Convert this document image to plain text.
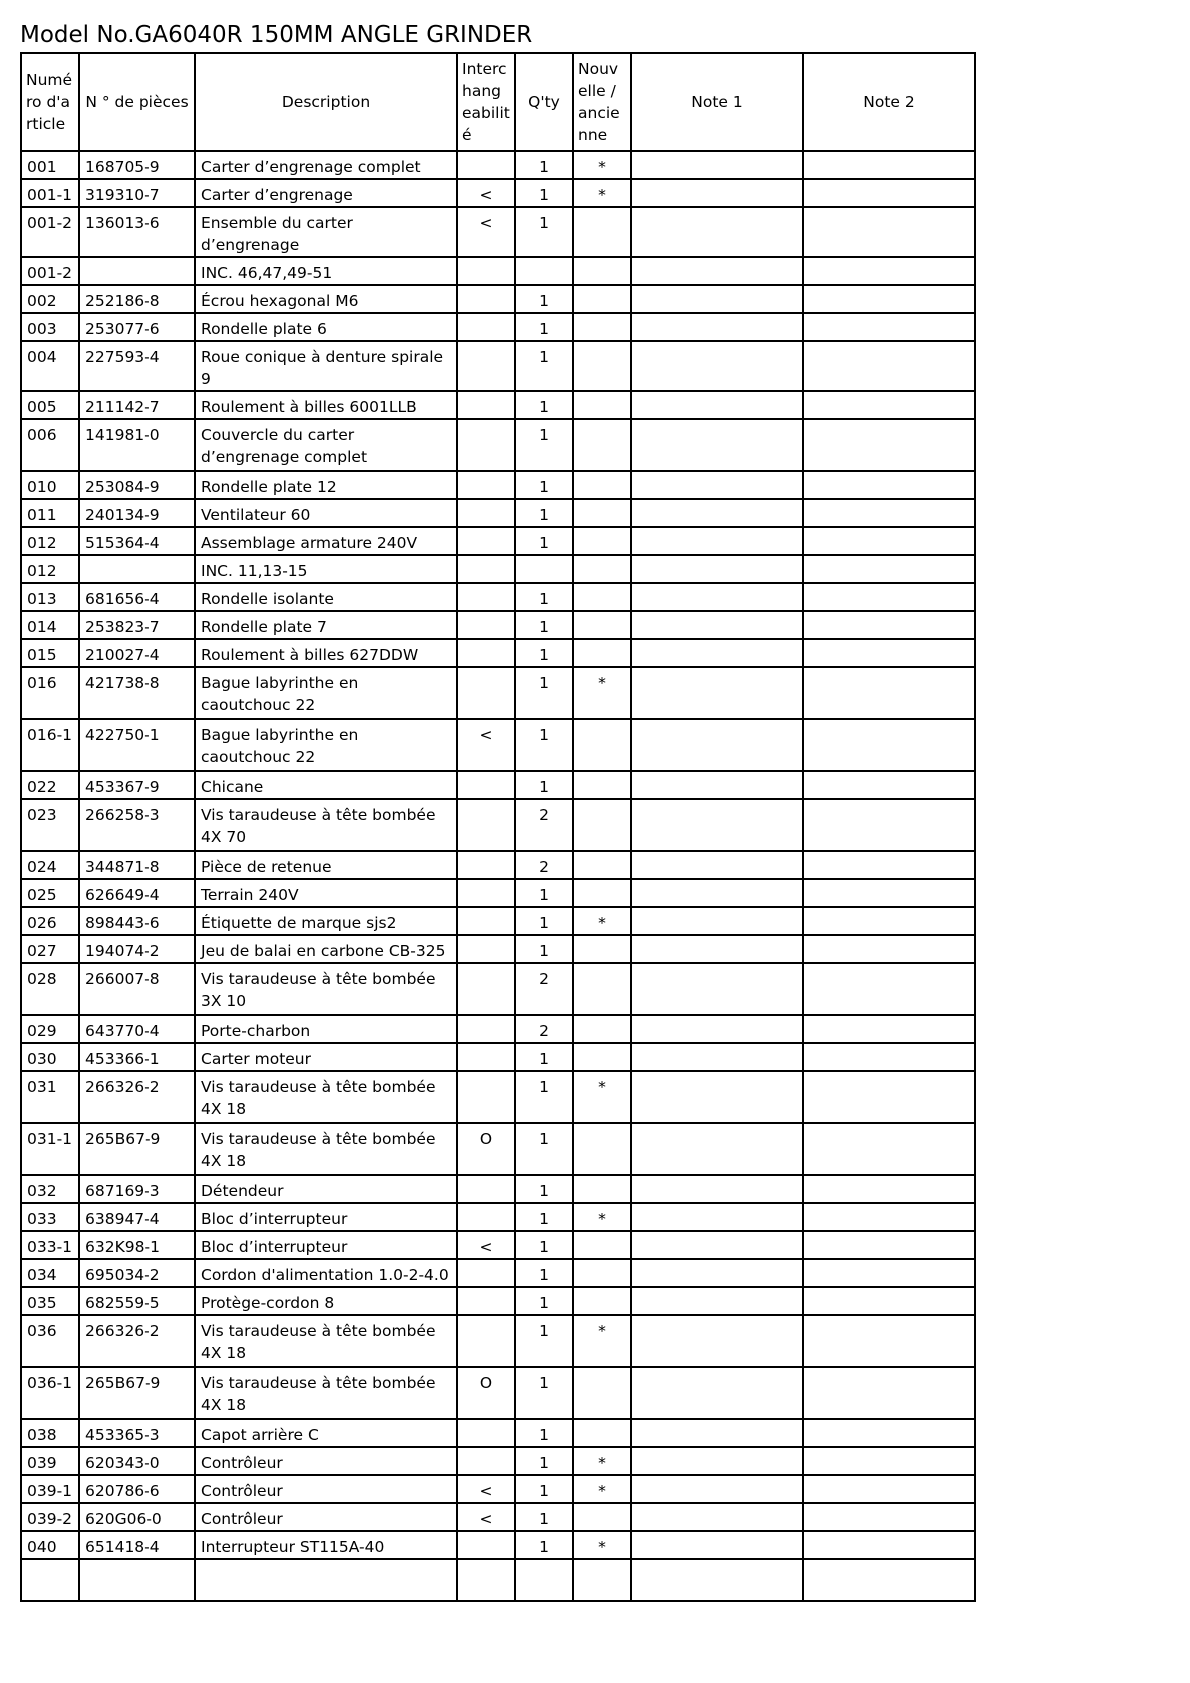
Model No.GA6040R 150MM ANGLE GRINDER
Numé ro d'a rticle	N ° de pièces	Description	Interc hang eabilit é	Q'ty	Nouv elle / ancie nne	Note 1	Note 2
001	168705-9	Carter d’engrenage complet		1	*		
001-1	319310-7	Carter d’engrenage	<	1	*		
001-2	136013-6	Ensemble du carter d’engrenage	<	1			
001-2		INC. 46,47,49-51					
002	252186-8	Écrou hexagonal M6		1			
003	253077-6	Rondelle plate 6		1			
004	227593-4	Roue conique à denture spirale 9		1			
005	211142-7	Roulement à billes 6001LLB		1			
006	141981-0	Couvercle du carter d’engrenage complet		1			
010	253084-9	Rondelle plate 12		1			
011	240134-9	Ventilateur 60		1			
012	515364-4	Assemblage armature 240V		1			
012		INC. 11,13-15					
013	681656-4	Rondelle isolante		1			
014	253823-7	Rondelle plate 7		1			
015	210027-4	Roulement à billes 627DDW		1			
016	421738-8	Bague labyrinthe en caoutchouc 22		1	*		
016-1	422750-1	Bague labyrinthe en caoutchouc 22	<	1			
022	453367-9	Chicane		1			
023	266258-3	Vis taraudeuse à tête bombée 4X 70		2			
024	344871-8	Pièce de retenue		2			
025	626649-4	Terrain 240V		1			
026	898443-6	Étiquette de marque sjs2		1	*		
027	194074-2	Jeu de balai en carbone CB-325		1			
028	266007-8	Vis taraudeuse à tête bombée 3X 10		2			
029	643770-4	Porte-charbon		2			
030	453366-1	Carter moteur		1			
031	266326-2	Vis taraudeuse à tête bombée 4X 18		1	*		
031-1	265B67-9	Vis taraudeuse à tête bombée 4X 18	O	1			
032	687169-3	Détendeur		1			
033	638947-4	Bloc d’interrupteur		1	*		
033-1	632K98-1	Bloc d’interrupteur	<	1			
034	695034-2	Cordon d'alimentation 1.0-2-4.0		1			
035	682559-5	Protège-cordon 8		1			
036	266326-2	Vis taraudeuse à tête bombée 4X 18		1	*		
036-1	265B67-9	Vis taraudeuse à tête bombée 4X 18	O	1			
038	453365-3	Capot arrière C		1			
039	620343-0	Contrôleur		1	*		
039-1	620786-6	Contrôleur	<	1	*		
039-2	620G06-0	Contrôleur	<	1			
040	651418-4	Interrupteur ST115A-40		1	*		
